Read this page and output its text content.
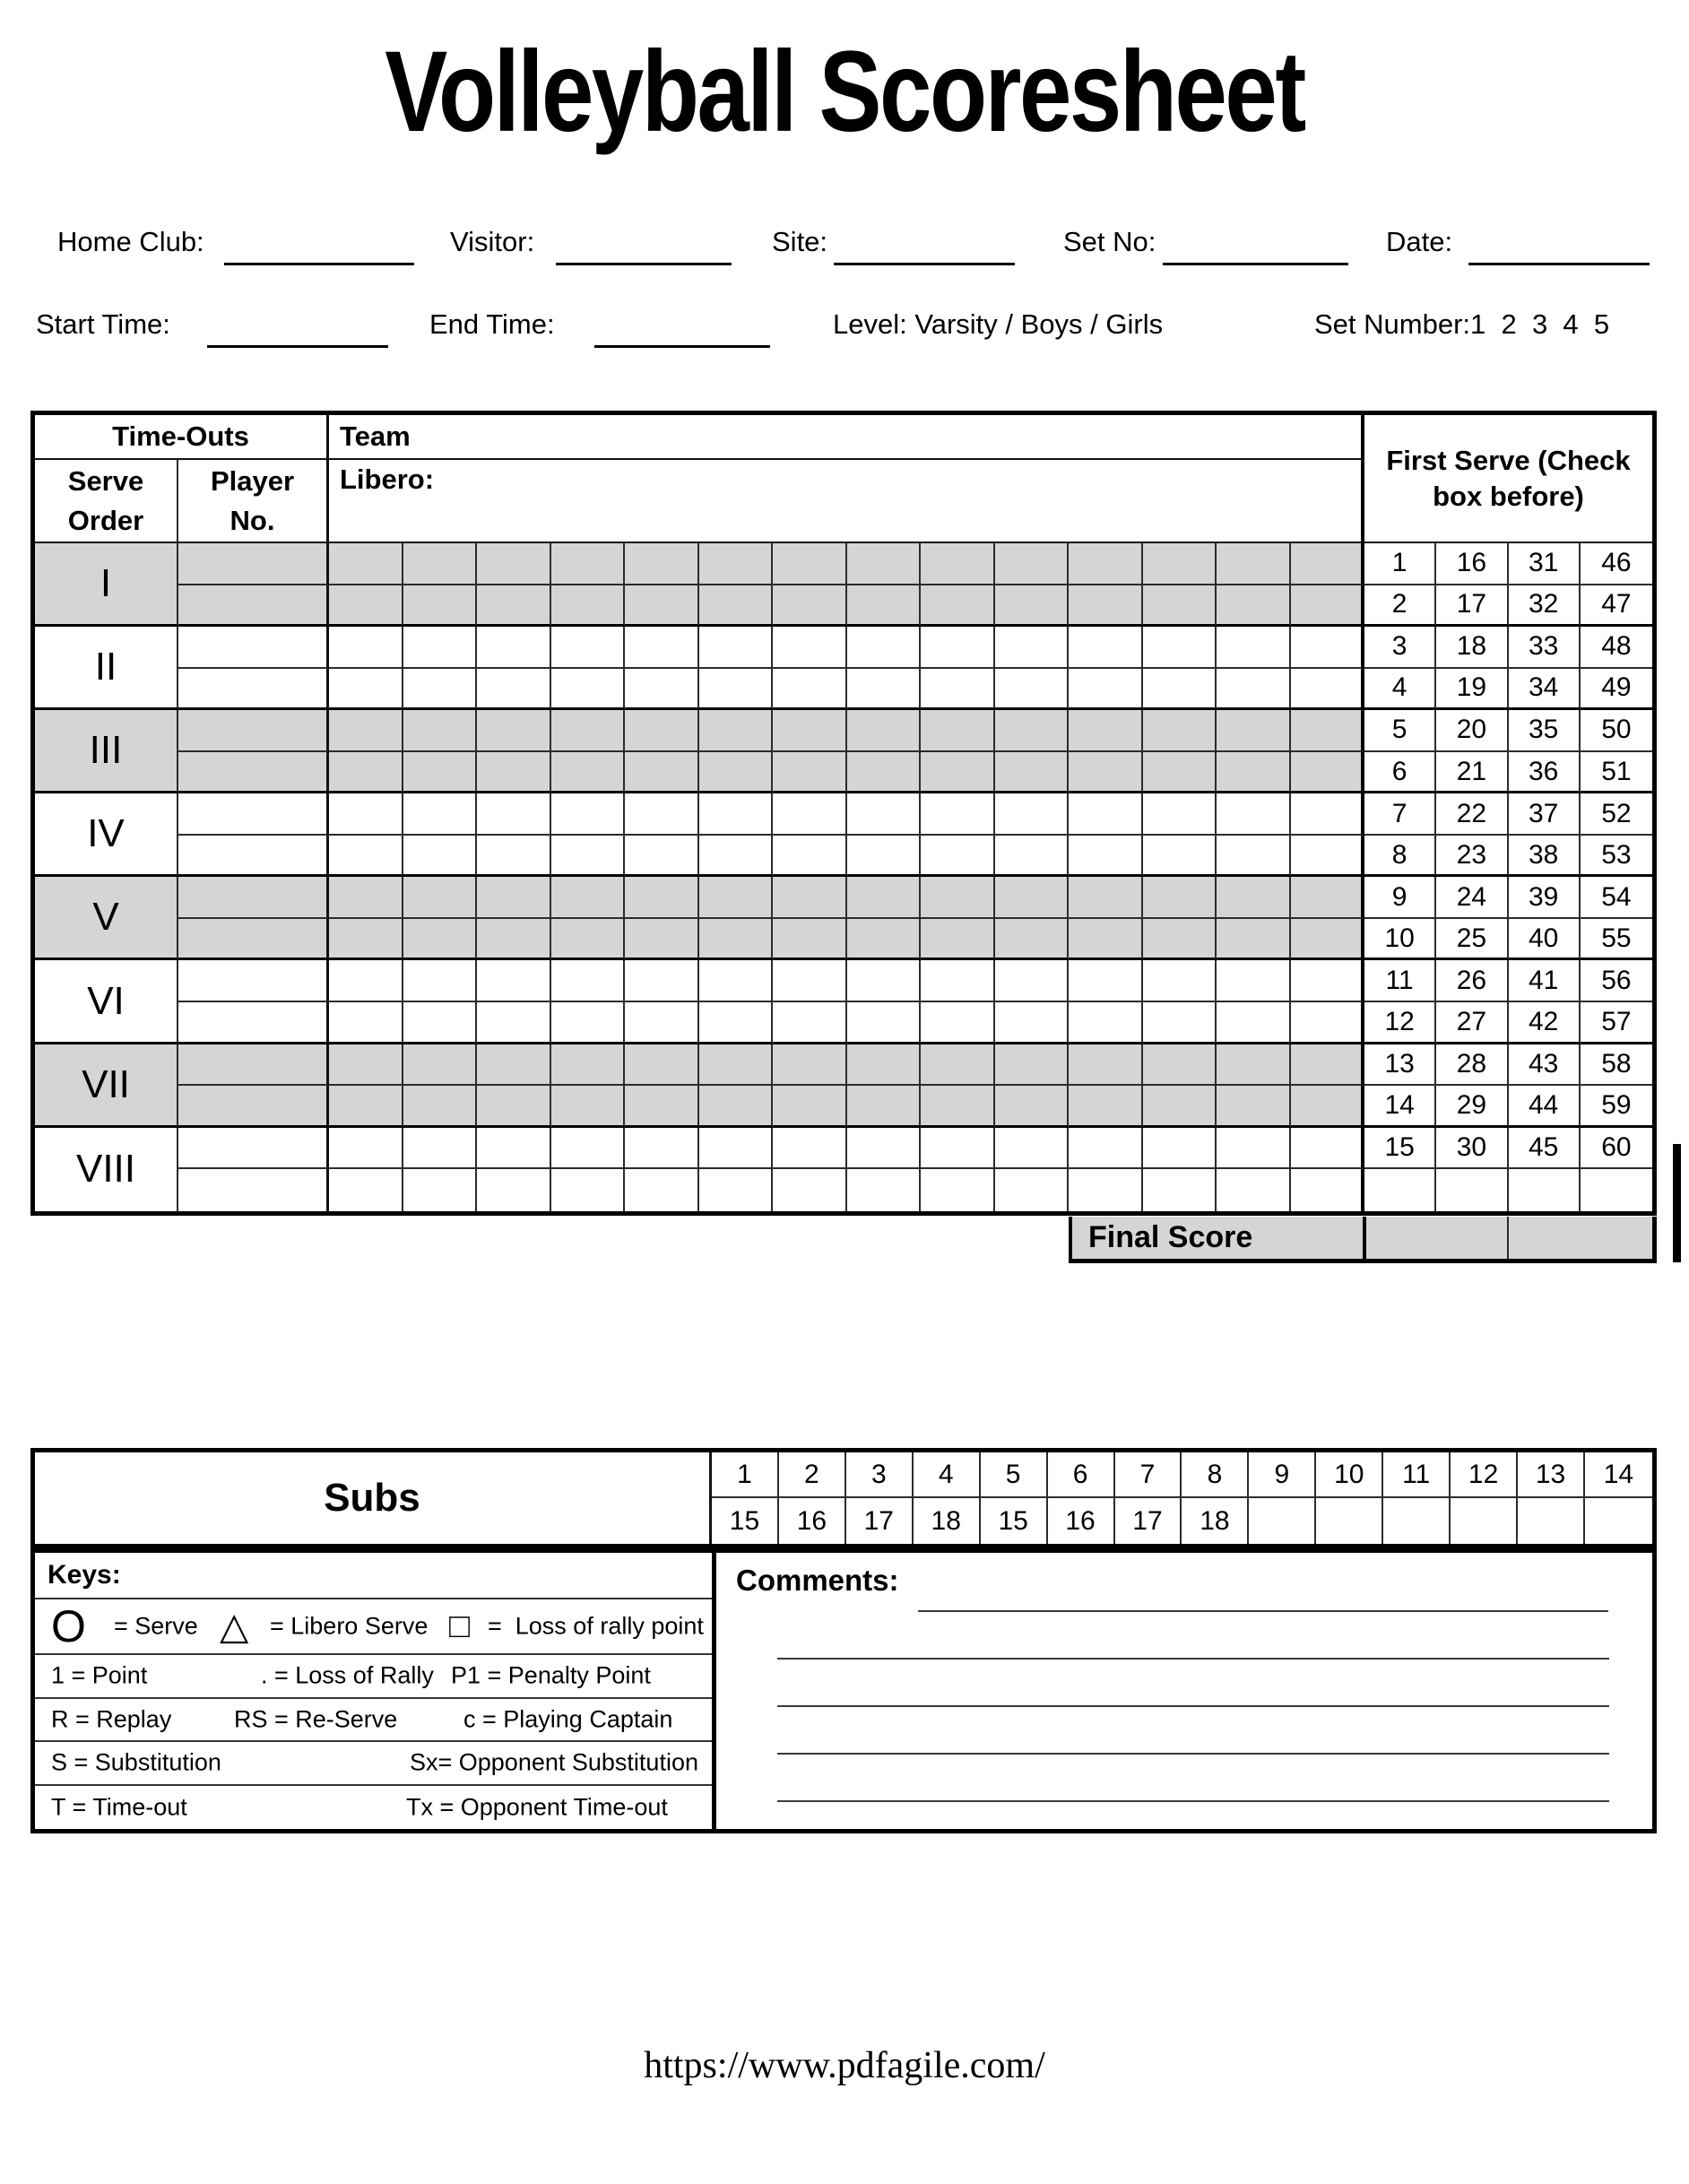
Volleyball Scoresheet
Home Club:	Visitor:	Site:	Set No:	Date:
Start Time:	End Time:	Level: Varsity / Boys / Girls	Set Number:1  2  3  4  5
Time-Outs	Team
First Serve (Check box before)
Serve Order
Player No.
Libero:
I	1	16	31	46
2	17	32	47
II	3	18	33	48
4	19	34	49
III	5	20	35	50
6	21	36	51
IV	7	22	37	52
8	23	38	53
V	9	24	39	54
10	25	40	55
VI	11	26	41	56
12	27	42	57
VII	13	28	43	58
14	29	44	59
VIII	15	30	45	60
Final Score
Subs
1	2	3	4	5	6	7	8	9	10	11	12	13	14
15	16	17	18	15	16	17	18
Keys:
O = Serve △ = Libero Serve □ =  Loss of rally point
1 = Point	. = Loss of Rally P1 = Penalty Point
R = Replay	RS = Re-Serve	c = Playing Captain
S = Substitution	Sx= Opponent Substitution
T = Time-out	Tx = Opponent Time-out
Comments:
https://www.pdfagile.com/
